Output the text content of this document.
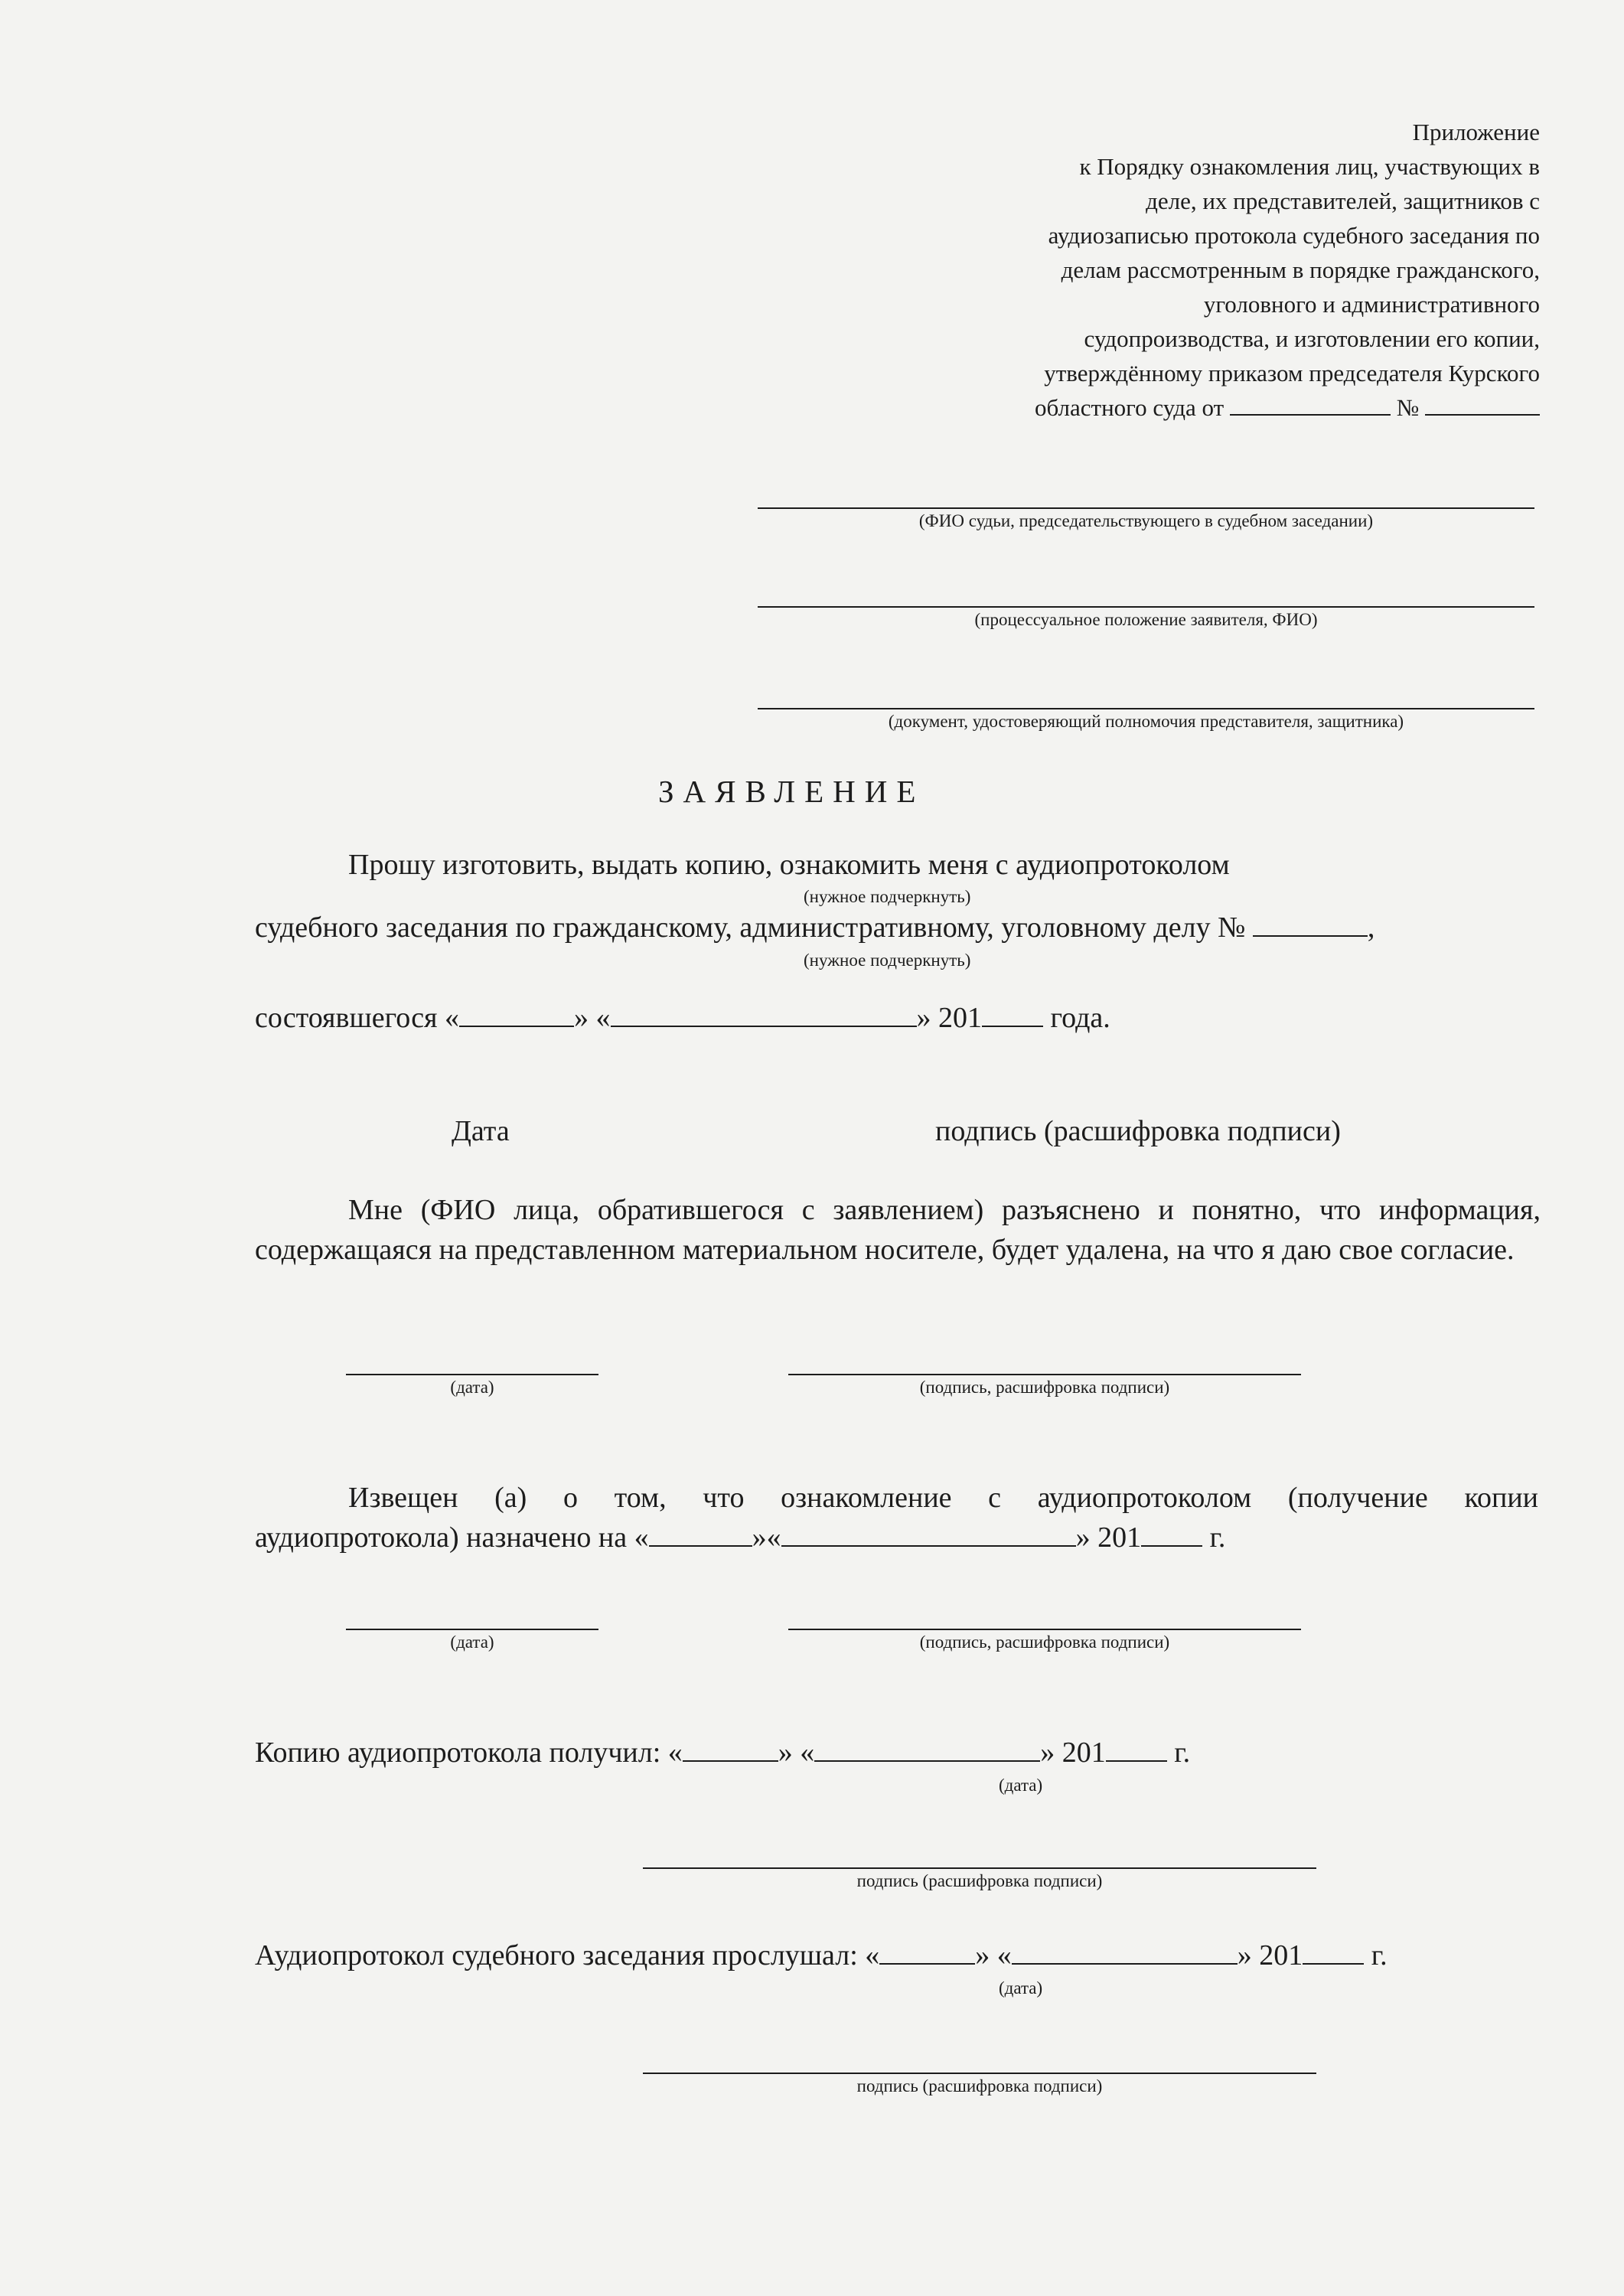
Приложение
к Порядку ознакомления лиц, участвующих в
деле, их представителей, защитников с
аудиозаписью протокола судебного заседания по
делам рассмотренным в порядке гражданского,
уголовного и административного
судопроизводства, и изготовлении его копии,
утверждённому приказом председателя Курского
областного суда от	№
(ФИО судьи, председательствующего в судебном заседании)
(процессуальное положение заявителя, ФИО)
(документ, удостоверяющий полномочия представителя, защитника)
ЗАЯВЛЕНИЕ
Прошу изготовить, выдать копию, ознакомить меня с аудиопротоколом
(нужное подчеркнуть)
судебного заседания по гражданскому, административному, уголовному делу №	,
(нужное подчеркнуть)
состоявшегося «	» «	» 201 года.
Дата	подпись (расшифровка подписи)
Мне (ФИО лица, обратившегося с заявлением) разъяснено и понятно, что информация, содержащаяся на представленном материальном носителе, будет удалена, на что я даю свое согласие.
(дата)	(подпись, расшифровка подписи)
Извещен (а) о том, что ознакомление с аудиопротоколом (получение копии
аудиопротокола) назначено на «	»«	» 201 г.
(дата)	(подпись, расшифровка подписи)
Копию аудиопротокола получил: «	» «	» 201 г.
(дата)
подпись (расшифровка подписи)
Аудиопротокол судебного заседания прослушал: «	» «	» 201 г.
(дата)
подпись (расшифровка подписи)
